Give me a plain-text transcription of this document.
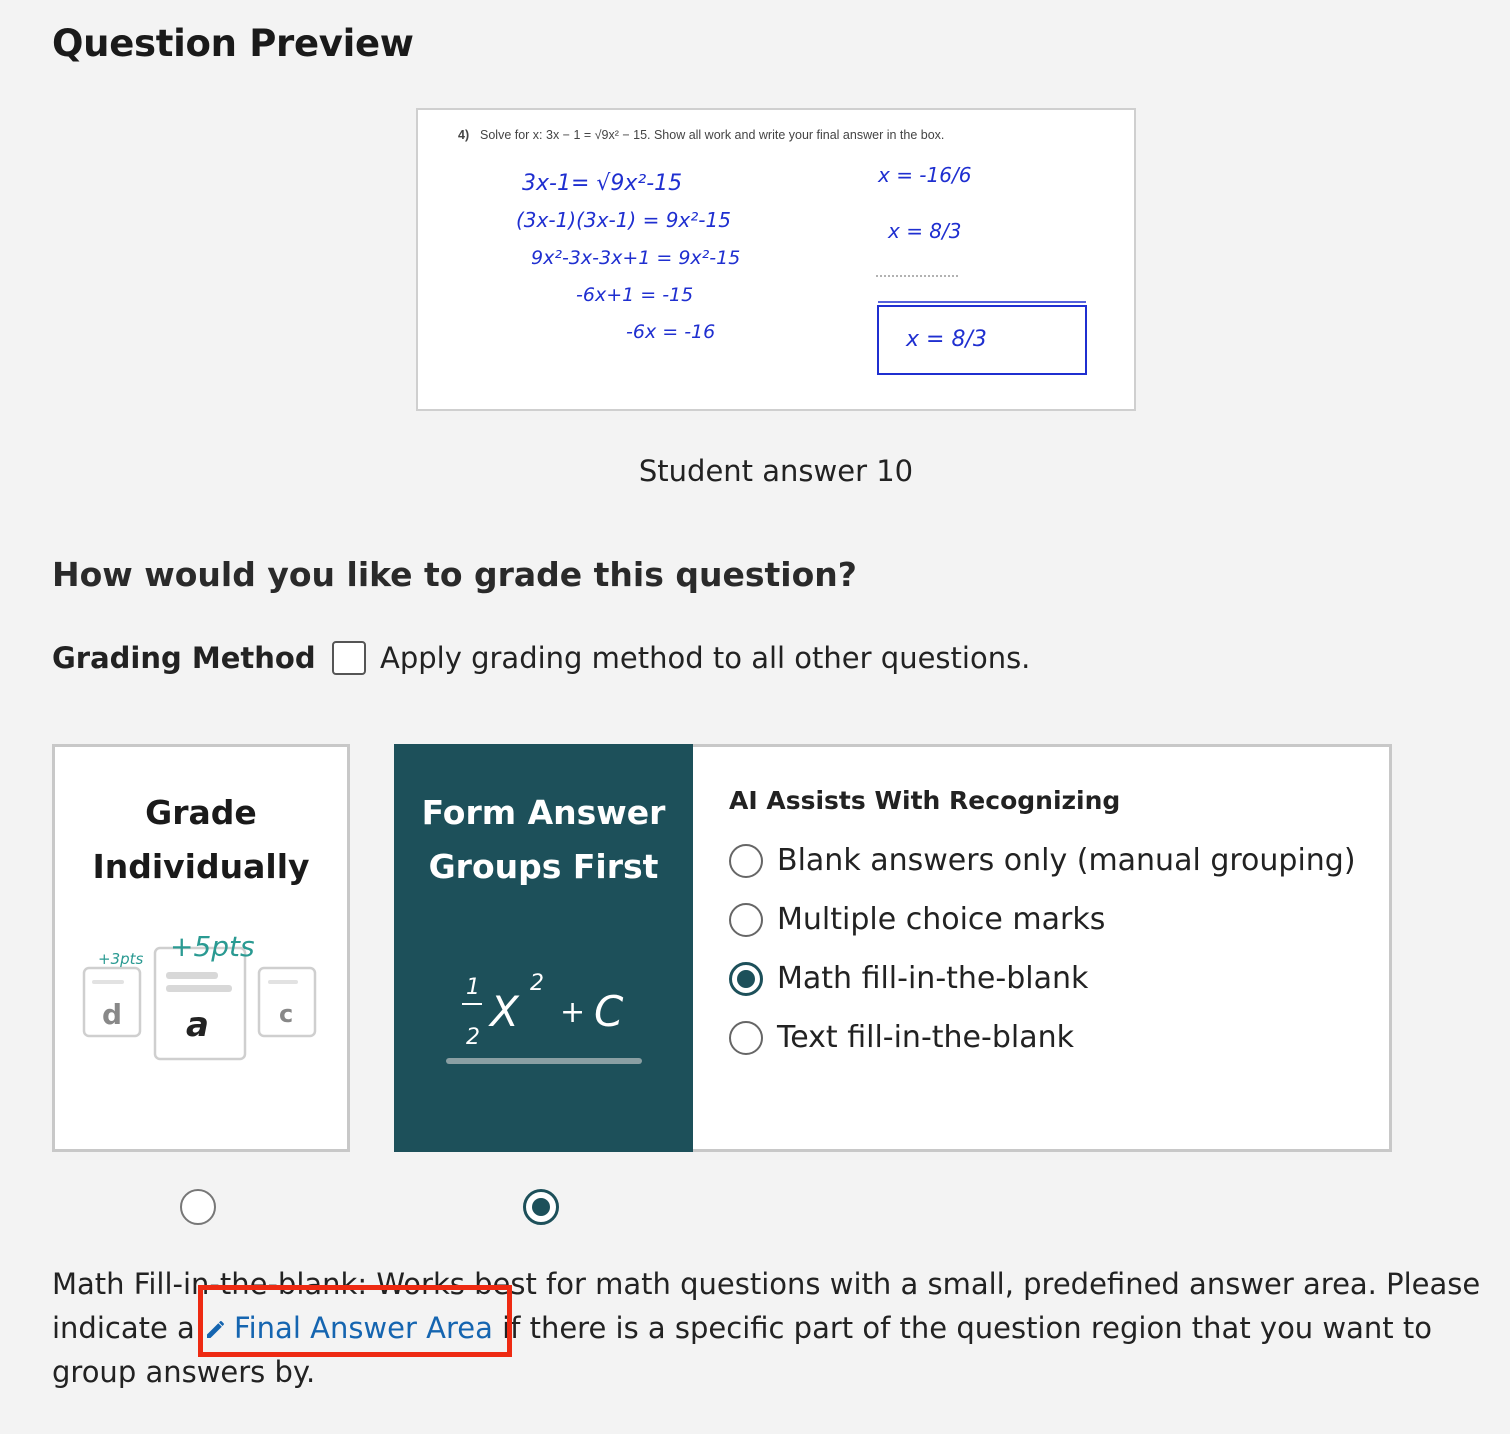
Question Preview
4) Solve for x: 3x − 1 = √9x² − 15. Show all work and write your final answer in the box.
3x-1= √9x²-15
(3x-1)(3x-1) = 9x²-15
9x²-3x-3x+1 = 9x²-15
-6x+1 = -15
-6x = -16
x = -16/6
x = 8/3
x = 8/3
Student answer 10
How would you like to grade this question?
Grading Method Apply grading method to all other questions.
Grade
Individually
+3pts +5pts
d a	c
Form Answer
Groups First
1
2
X
2
+ C
AI Assists With Recognizing
Blank answers only (manual grouping)
Multiple choice marks
Math fill-in-the-blank
Text fill-in-the-blank
Math Fill-in-the-blank: Works best for math questions with a small, predefined answer area. Please indicate a Final Answer Area if there is a specific part of the question region that you want to group answers by.
